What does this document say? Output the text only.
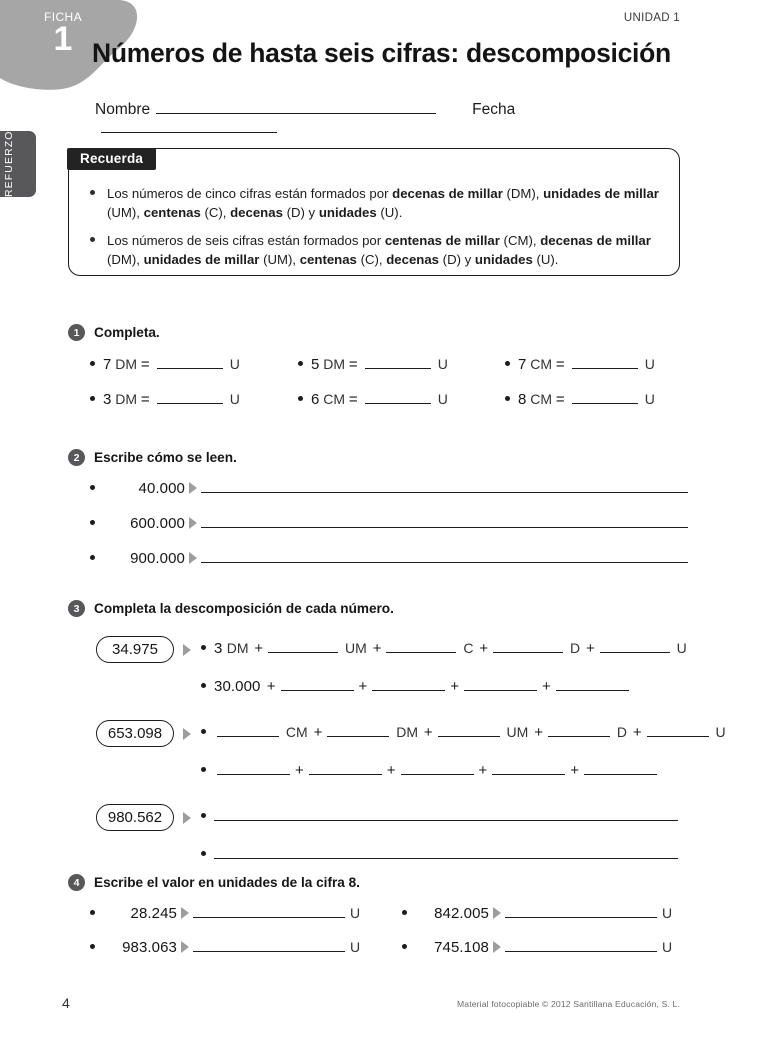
FICHA
1
UNIDAD 1
Números de hasta seis cifras: descomposición
REFUERZO
Nombre	Fecha
Recuerda
Los números de cinco cifras están formados por decenas de millar (DM), unidades de millar (UM), centenas (C), decenas (D) y unidades (U).
Los números de seis cifras están formados por centenas de millar (CM), decenas de millar (DM), unidades de millar (UM), centenas (C), decenas (D) y unidades (U).
1	Completa.
7 DM =	U	5 DM =	U	7 CM =	U
3 DM =	U	6 CM =	U	8 CM =	U
2	Escribe cómo se leen.
40.000
600.000
900.000
3	Completa la descomposición de cada número.
34.975	3 DM +	UM +	C +	D +	U
30.000 +	+	+	+
653.098	CM +	DM +	UM +	D +	U
+	+	+	+
980.562
4	Escribe el valor en unidades de la cifra 8.
28.245	U	842.005	U
983.063	U	745.108	U
4	Material fotocopiable © 2012 Santillana Educación, S. L.
